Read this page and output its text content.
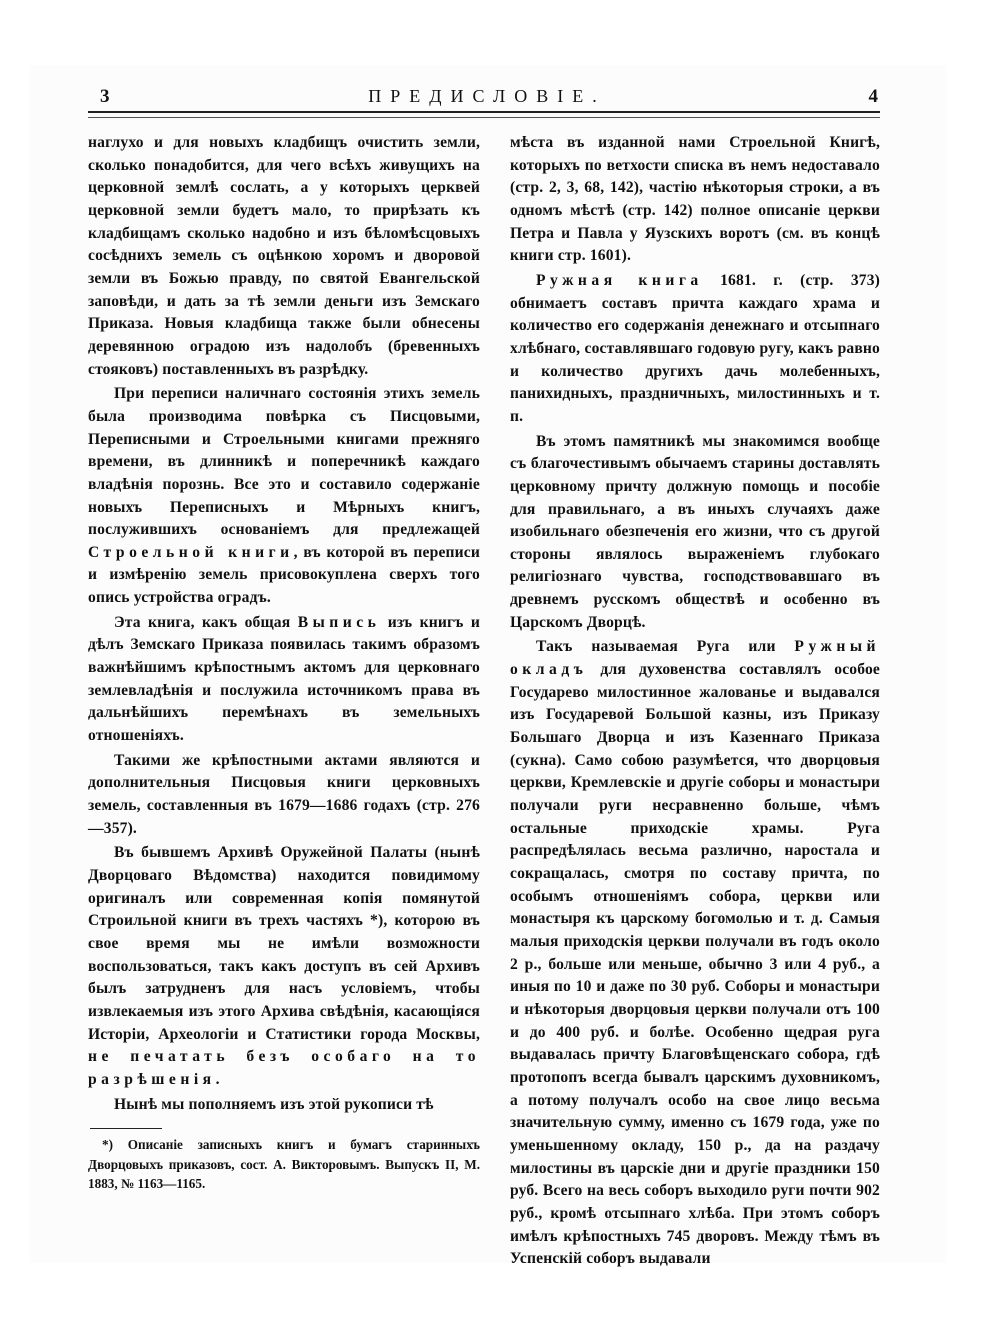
3	ПРЕДИСЛОВІЕ.	4

наглухо и для новыхъ кладбищъ очистить земли, сколько понадобится, для чего всѣхъ живущихъ на церковной землѣ сослать, а у которыхъ церквей церковной земли будетъ мало, то прирѣзать къ кладбищамъ сколько надобно и изъ бѣломѣсцовыхъ сосѣднихъ земель съ оцѣнкою хоромъ и дворовой земли въ Божью правду, по святой Евангельской заповѣди, и дать за тѣ земли деньги изъ Земскаго Приказа. Новыя кладбища также были обнесены деревянною оградою изъ надолобъ (бревенныхъ стояковъ) поставленныхъ въ разрѣдку.

При переписи наличнаго состоянія этихъ земель была производима повѣрка съ Писцовыми, Переписными и Строельными книгами прежняго времени, въ длинникѣ и поперечникѣ каждаго владѣнія порознь. Все это и составило содержаніе новыхъ Переписныхъ и Мѣрныхъ книгъ, послужившихъ основаніемъ для предлежащей Строельной книги, въ которой въ переписи и измѣренію земель присовокуплена сверхъ того опись устройства оградъ.

Эта книга, какъ общая Выпись изъ книгъ и дѣлъ Земскаго Приказа появилась такимъ образомъ важнѣйшимъ крѣпостнымъ актомъ для церковнаго землевладѣнія и послужила источникомъ права въ дальнѣйшихъ перемѣнахъ въ земельныхъ отношеніяхъ.

Такими же крѣпостными актами являются и дополнительныя Писцовыя книги церковныхъ земель, составленныя въ 1679—1686 годахъ (стр. 276—357).

Въ бывшемъ Архивѣ Оружейной Палаты (нынѣ Дворцоваго Вѣдомства) находится повидимому оригиналъ или современная копія помянутой Строильной книги въ трехъ частяхъ *), которою въ свое время мы не имѣли возможности воспользоваться, такъ какъ доступъ въ сей Архивъ былъ затрудненъ для насъ условіемъ, чтобы извлекаемыя изъ этого Архива свѣдѣнія, касающіяся Исторіи, Археологіи и Статистики города Москвы, не печатать безъ особаго на то разрѣшенія.

Нынѣ мы пополняемъ изъ этой рукописи тѣ

*) Описаніе записныхъ книгъ и бумагъ старинныхъ Дворцовыхъ приказовъ, сост. А. Викторовымъ. Выпускъ II, М. 1883, № 1163—1165.

мѣста въ изданной нами Строельной Книгѣ, которыхъ по ветхости списка въ немъ недоставало (стр. 2, 3, 68, 142), частію нѣкоторыя строки, а въ одномъ мѣстѣ (стр. 142) полное описаніе церкви Петра и Павла у Яузскихъ воротъ (см. въ концѣ книги стр. 1601).

Ружная книга 1681. г. (стр. 373) обнимаетъ составъ причта каждаго храма и количество его содержанія денежнаго и отсыпнаго хлѣбнаго, составлявшаго годовую ругу, какъ равно и количество другихъ дачь молебенныхъ, панихидныхъ, праздничныхъ, милостинныхъ и т. п.

Въ этомъ памятникѣ мы знакомимся вообще съ благочестивымъ обычаемъ старины доставлять церковному причту должную помощь и пособіе для правильнаго, а въ иныхъ случаяхъ даже изобильнаго обезпеченія его жизни, что съ другой стороны являлось выраженіемъ глубокаго религіознаго чувства, господствовавшаго въ древнемъ русскомъ обществѣ и особенно въ Царскомъ Дворцѣ.

Такъ называемая Руга или Ружный окладъ для духовенства составлялъ особое Государево милостинное жалованье и выдавался изъ Государевой Большой казны, изъ Приказу Большаго Дворца и изъ Казеннаго Приказа (сукна). Само собою разумѣется, что дворцовыя церкви, Кремлевскіе и другіе соборы и монастыри получали руги несравненно больше, чѣмъ остальные приходскіе храмы. Руга распредѣлялась весьма различно, наростала и сокращалась, смотря по составу причта, по особымъ отношеніямъ собора, церкви или монастыря къ царскому богомолью и т. д. Самыя малыя приходскія церкви получали въ годъ около 2 р., больше или меньше, обычно 3 или 4 руб., а иныя по 10 и даже по 30 руб. Соборы и монастыри и нѣкоторыя дворцовыя церкви получали отъ 100 и до 400 руб. и болѣе. Особенно щедрая руга выдавалась причту Благовѣщенскаго собора, гдѣ протопопъ всегда бывалъ царскимъ духовникомъ, а потому получалъ особо на свое лицо весьма значительную сумму, именно съ 1679 года, уже по уменьшенному окладу, 150 р., да на раздачу милостины въ царскіе дни и другіе праздники 150 руб. Всего на весь соборъ выходило руги почти 902 руб., кромѣ отсыпнаго хлѣба. При этомъ соборъ имѣлъ крѣпостныхъ 745 дворовъ. Между тѣмъ въ Успенскій соборъ выдавали
